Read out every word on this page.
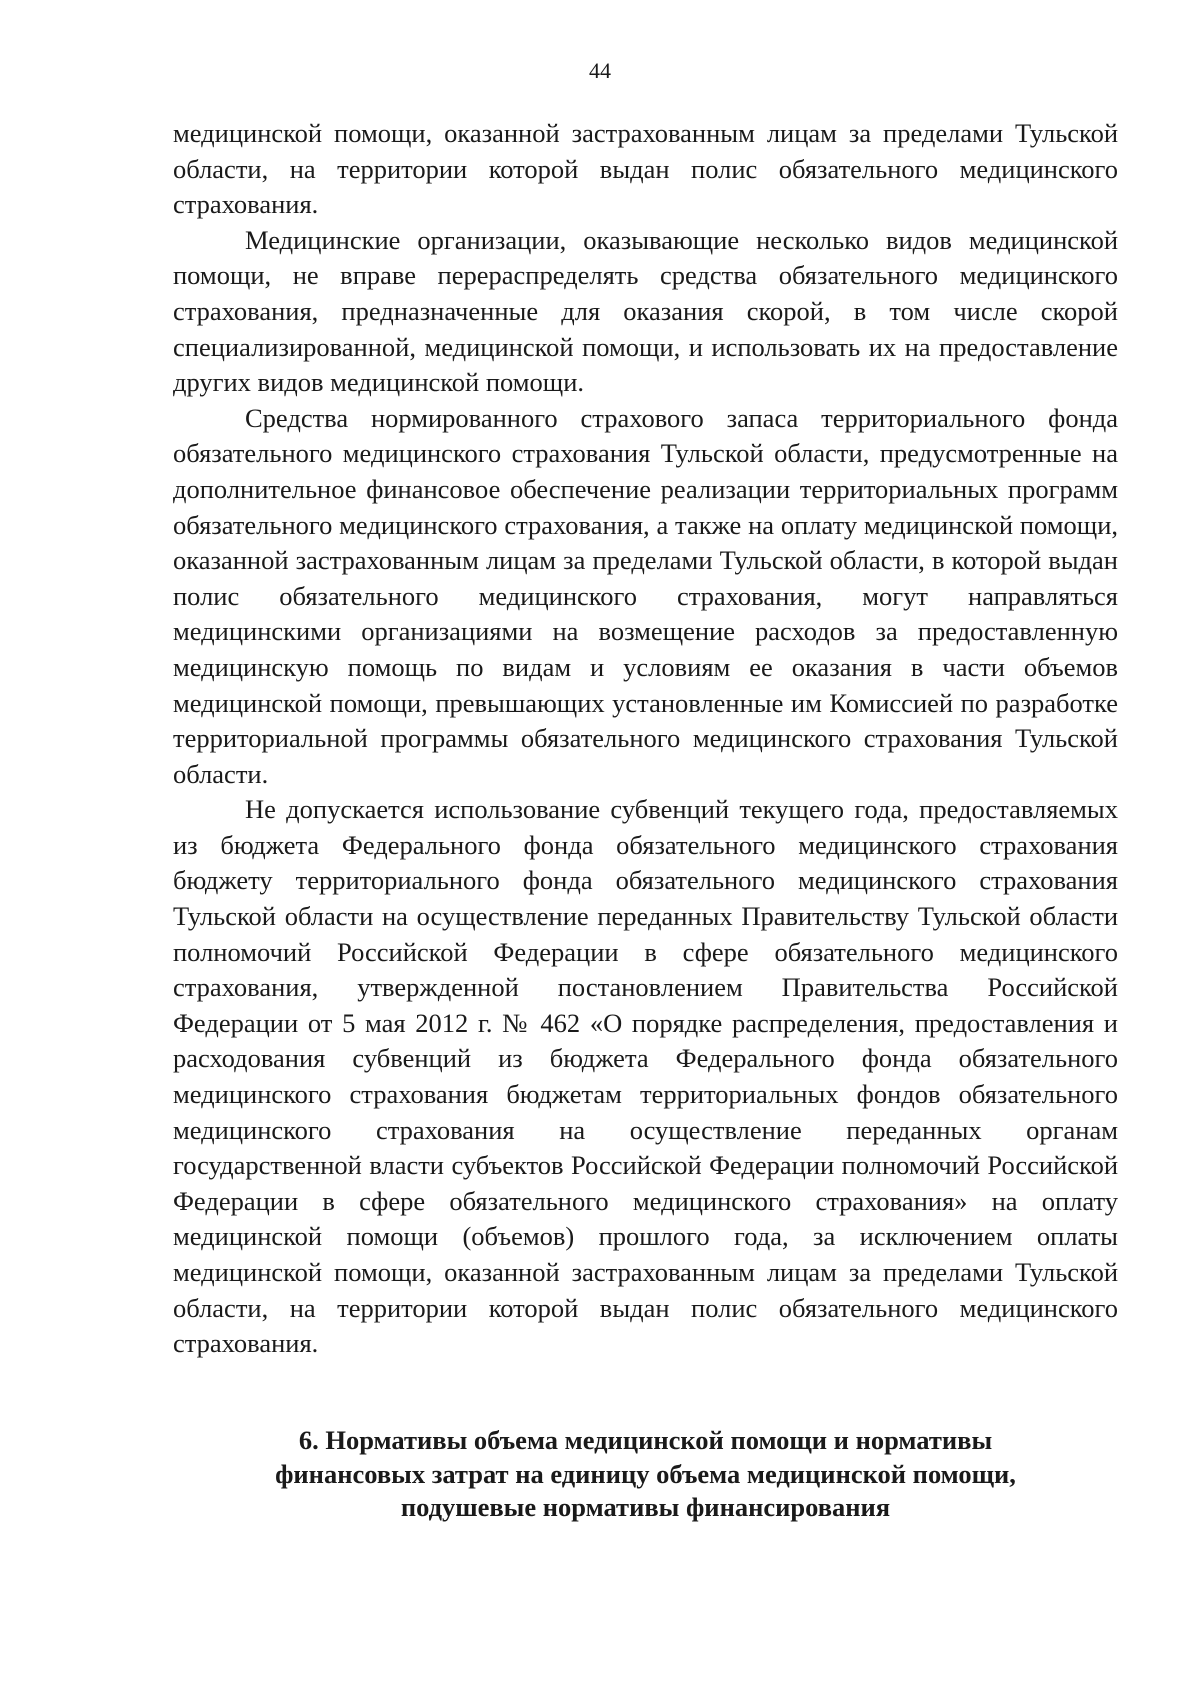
44

медицинской помощи, оказанной застрахованным лицам за пределами Тульской области, на территории которой выдан полис обязательного медицинского страхования.

Медицинские организации, оказывающие несколько видов медицинской помощи, не вправе перераспределять средства обязательного медицинского страхования, предназначенные для оказания скорой, в том числе скорой специализированной, медицинской помощи, и использовать их на предоставление других видов медицинской помощи.

Средства нормированного страхового запаса территориального фонда обязательного медицинского страхования Тульской области, предусмотренные на дополнительное финансовое обеспечение реализации территориальных программ обязательного медицинского страхования, а также на оплату медицинской помощи, оказанной застрахованным лицам за пределами Тульской области, в которой выдан полис обязательного медицинского страхования, могут направляться медицинскими организациями на возмещение расходов за предоставленную медицинскую помощь по видам и условиям ее оказания в части объемов медицинской помощи, превышающих установленные им Комиссией по разработке территориальной программы обязательного медицинского страхования Тульской области.

Не допускается использование субвенций текущего года, предоставляемых из бюджета Федерального фонда обязательного медицинского страхования бюджету территориального фонда обязательного медицинского страхования Тульской области на осуществление переданных Правительству Тульской области полномочий Российской Федерации в сфере обязательного медицинского страхования, утвержденной постановлением Правительства Российской Федерации от 5 мая 2012 г. № 462 «О порядке распределения, предоставления и расходования субвенций из бюджета Федерального фонда обязательного медицинского страхования бюджетам территориальных фондов обязательного медицинского страхования на осуществление переданных органам государственной власти субъектов Российской Федерации полномочий Российской Федерации в сфере обязательного медицинского страхования» на оплату медицинской помощи (объемов) прошлого года, за исключением оплаты медицинской помощи, оказанной застрахованным лицам за пределами Тульской области, на территории которой выдан полис обязательного медицинского страхования.

6. Нормативы объема медицинской помощи и нормативы
финансовых затрат на единицу объема медицинской помощи,
подушевые нормативы финансирования
